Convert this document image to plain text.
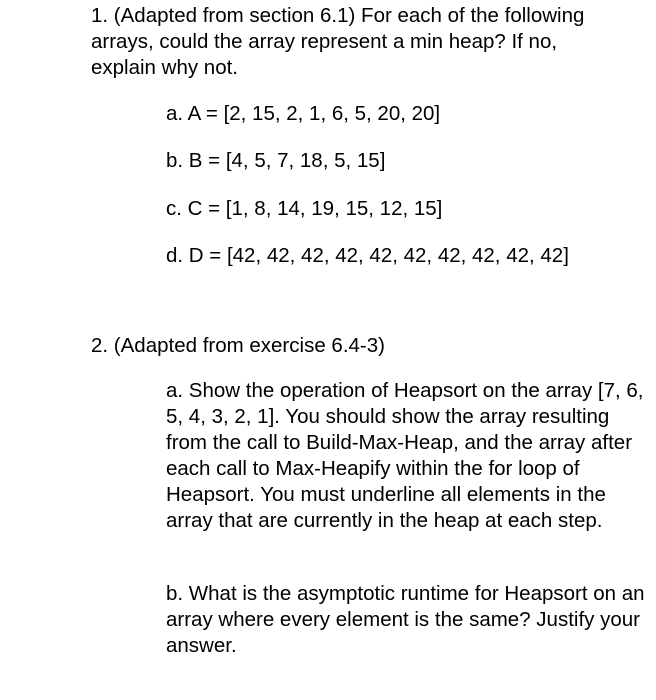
1. (Adapted from section 6.1) For each of the following arrays, could the array represent a min heap? If no, explain why not.

a. A = [2, 15, 2, 1, 6, 5, 20, 20]
b. B = [4, 5, 7, 18, 5, 15]
c. C = [1, 8, 14, 19, 15, 12, 15]
d. D = [42, 42, 42, 42, 42, 42, 42, 42, 42, 42]

2. (Adapted from exercise 6.4-3)

a. Show the operation of Heapsort on the array [7, 6, 5, 4, 3, 2, 1]. You should show the array resulting from the call to Build-Max-Heap, and the array after each call to Max-Heapify within the for loop of Heapsort. You must underline all elements in the array that are currently in the heap at each step.

b. What is the asymptotic runtime for Heapsort on an array where every element is the same? Justify your answer.
